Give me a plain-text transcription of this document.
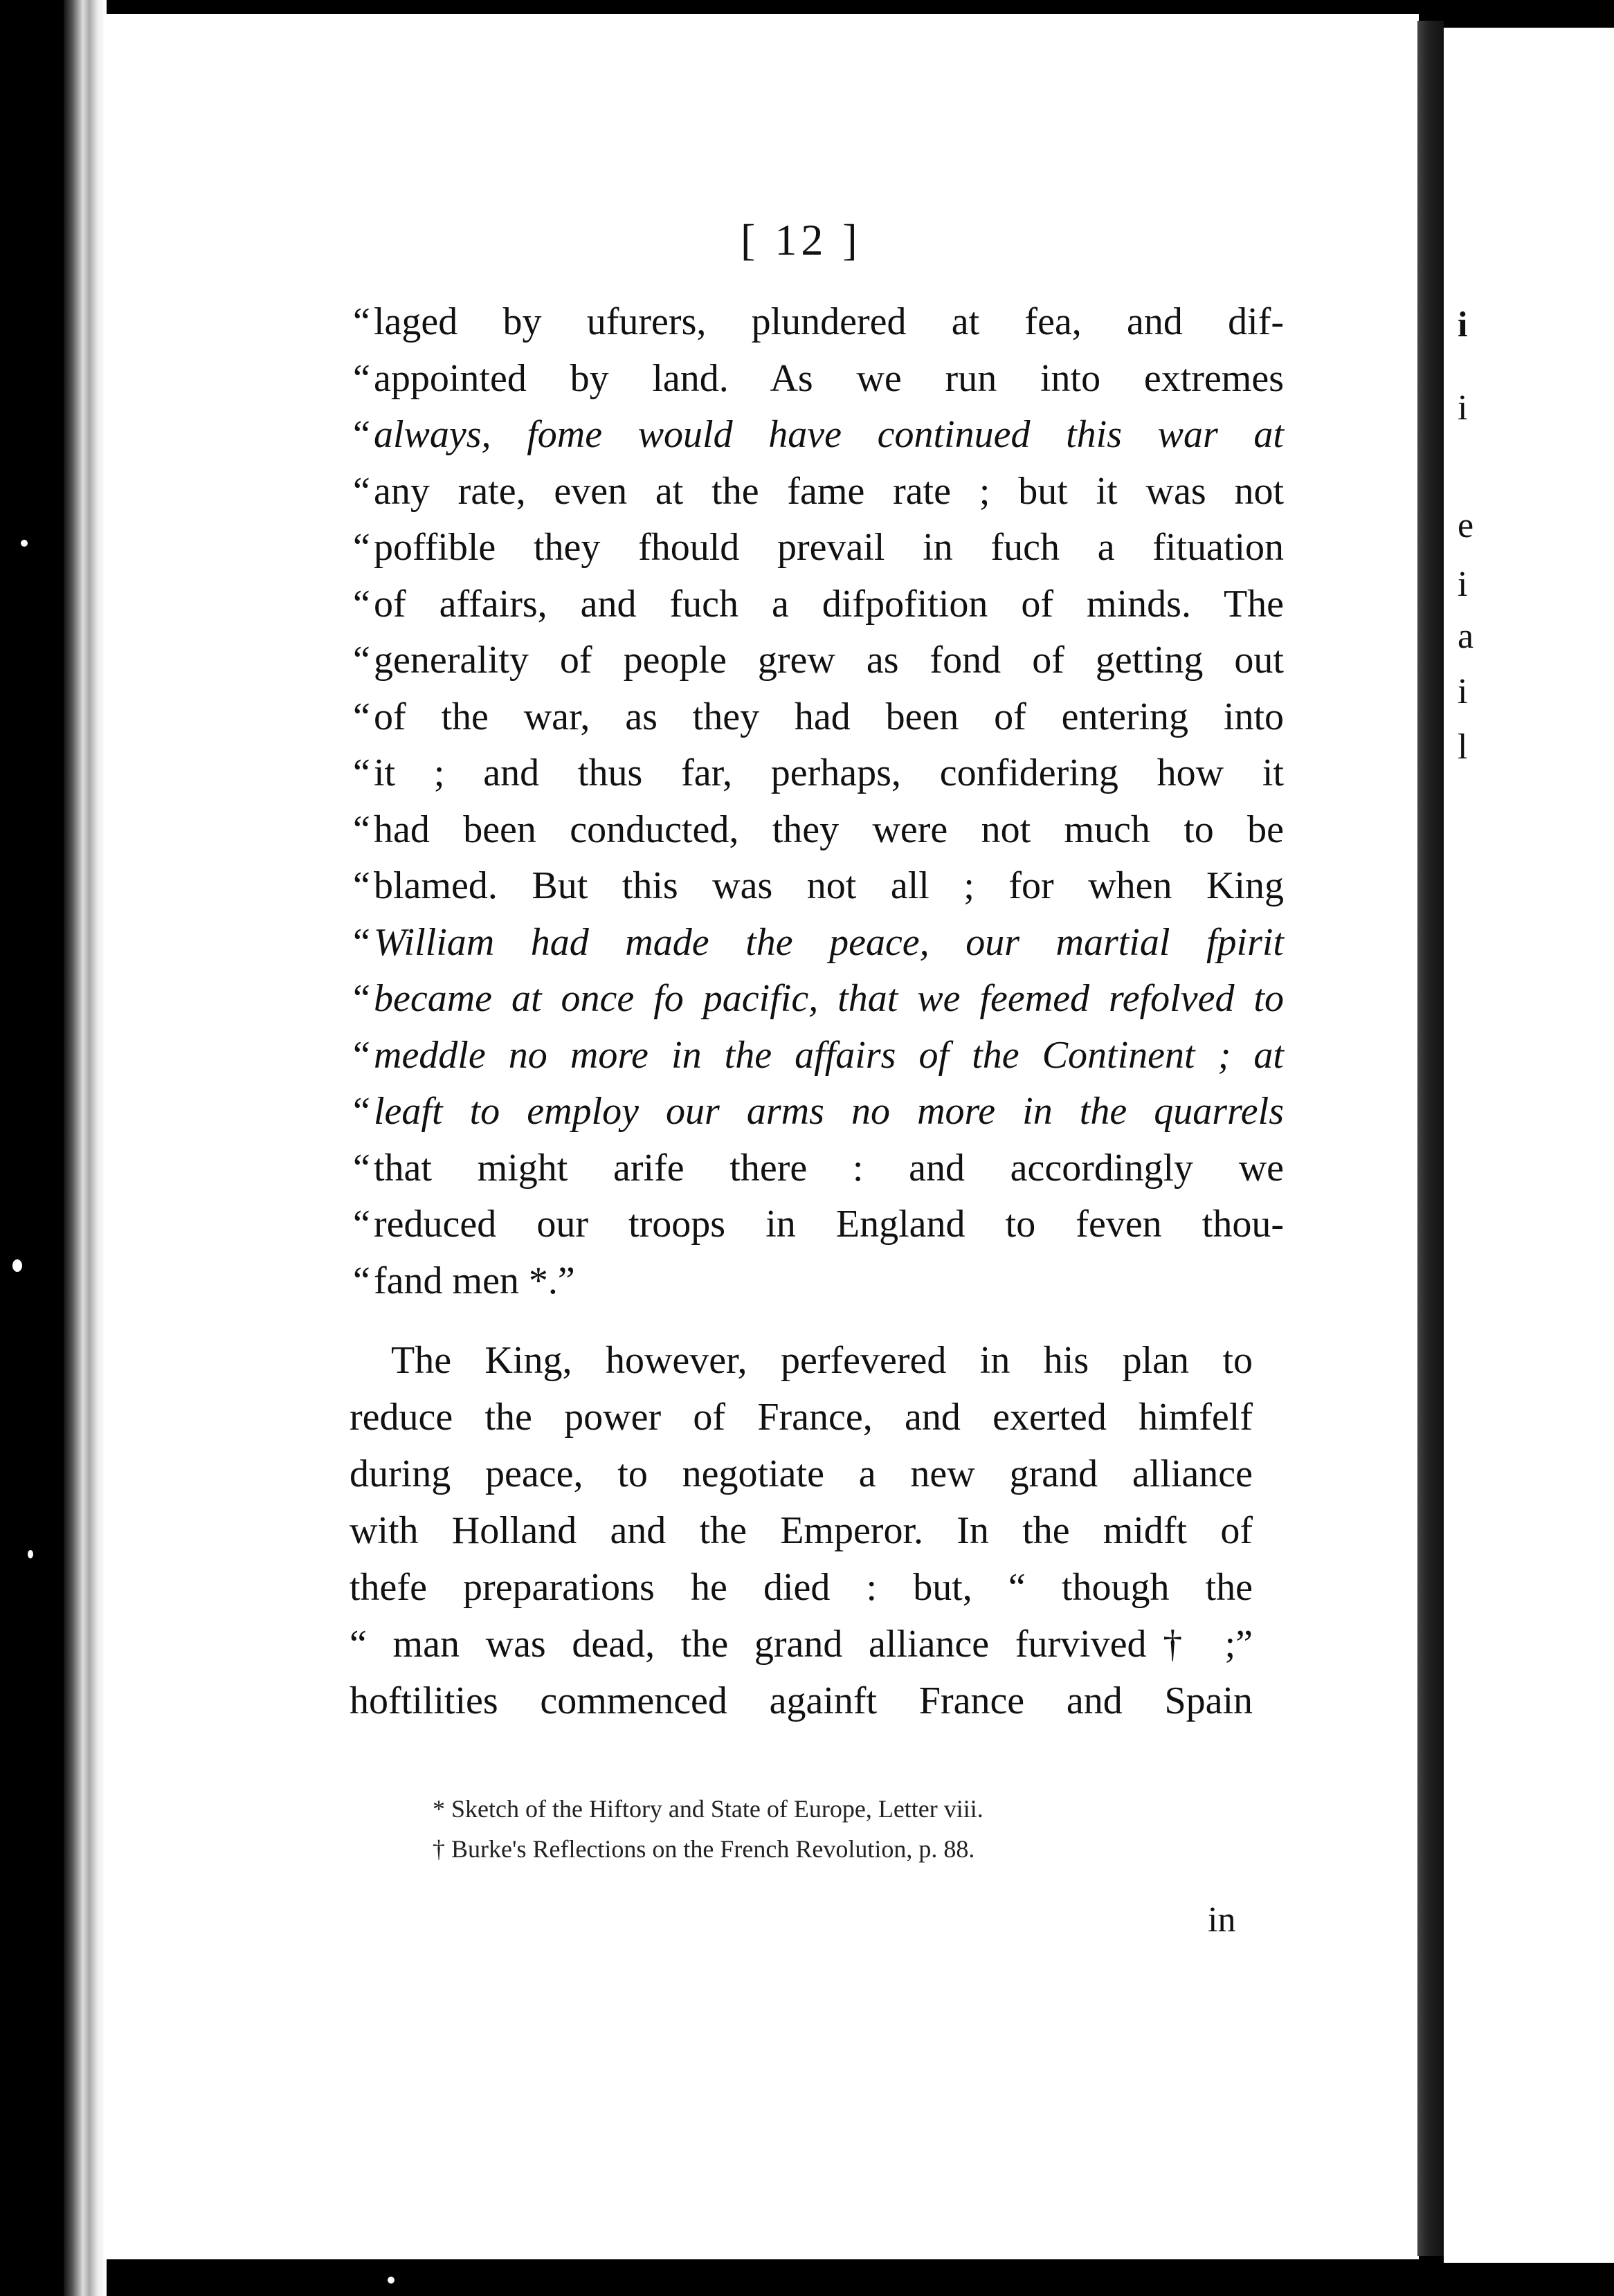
i
i
e
i
a
i
l
[ 12 ]
“ laged by ufurers, plundered at fea, and dif-
“ appointed by land. As we run into extremes
“ always, fome would have continued this war at
“ any rate, even at the fame rate ; but it was not
“ poffible they fhould prevail in fuch a fituation
“ of affairs, and fuch a difpofition of minds. The
“ generality of people grew as fond of getting out
“ of the war, as they had been of entering into
“ it ; and thus far, perhaps, confidering how it
“ had been conducted, they were not much to be
“ blamed. But this was not all ; for when King
“ William had made the peace, our martial fpirit
“ became at once fo pacific, that we feemed refolved to
“ meddle no more in the affairs of the Continent ; at
“ leaft to employ our arms no more in the quarrels
“ that might arife there : and accordingly we
“ reduced our troops in England to feven thou-
“ fand men *.”
The King, however, perfevered in his plan to
reduce the power of France, and exerted himfelf
during peace, to negotiate a new grand alliance
with Holland and the Emperor. In the midft of
thefe preparations he died : but, “ though the
“ man was dead, the grand alliance furvived† ;”
hoftilities commenced againft France and Spain
* Sketch of the Hiftory and State of Europe, Letter viii.
† Burke's Reflections on the French Revolution, p. 88.
in
